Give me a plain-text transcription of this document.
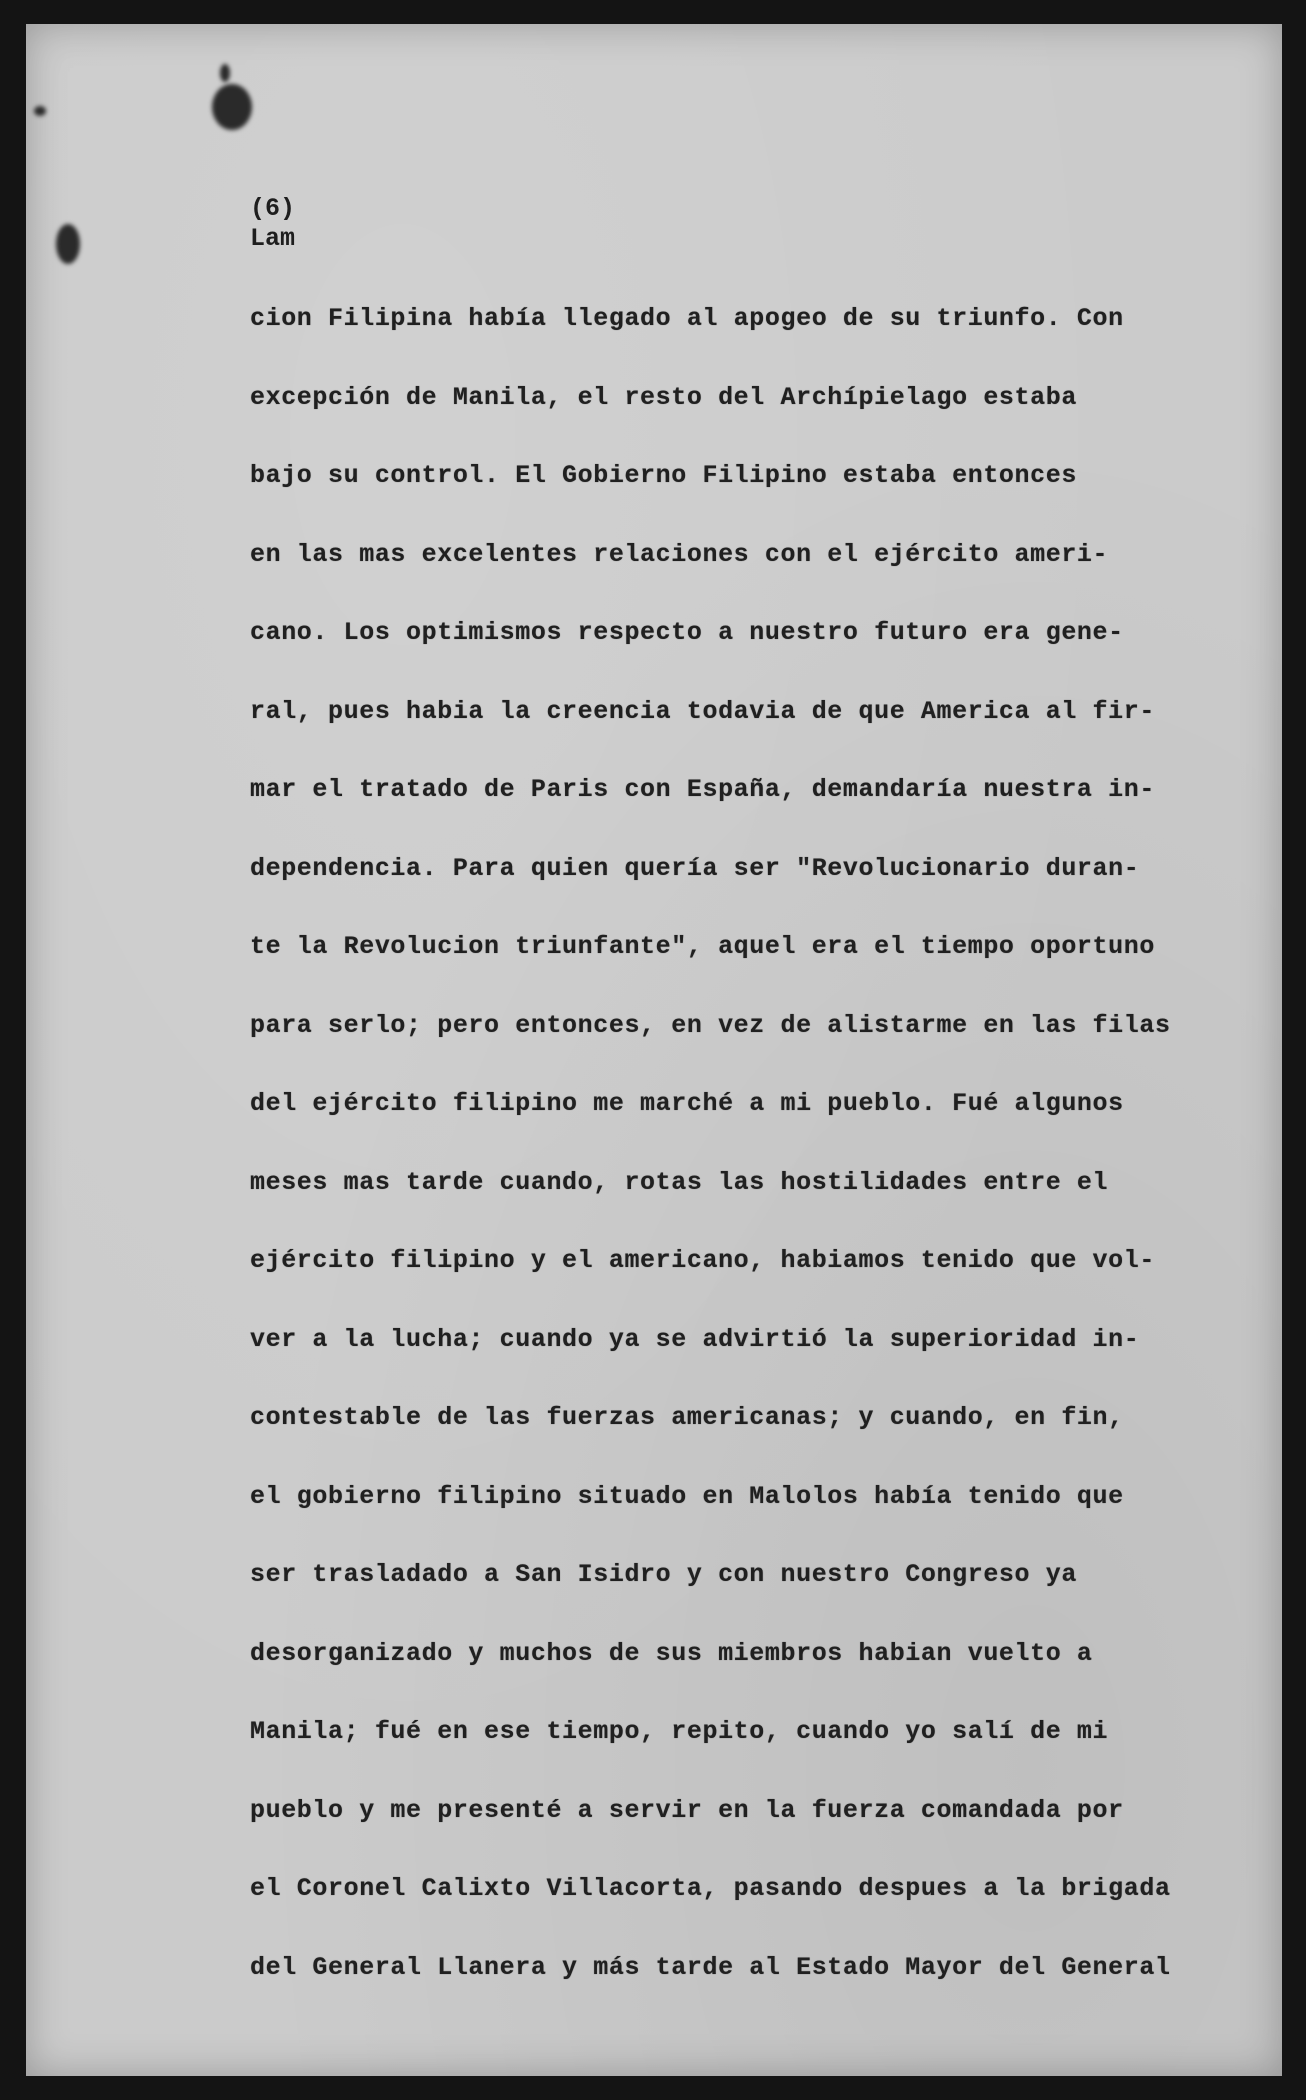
(6)
Lam

cion Filipina había llegado al apogeo de su triunfo. Con

excepción de Manila, el resto del Archípielago estaba

bajo su control. El Gobierno Filipino estaba entonces

en las mas excelentes relaciones con el ejército ameri-

cano. Los optimismos respecto a nuestro futuro era gene-

ral, pues habia la creencia todavia de que America al fir-

mar el tratado de Paris con España, demandaría nuestra in-

dependencia. Para quien quería ser "Revolucionario duran-

te la Revolucion triunfante", aquel era el tiempo oportuno

para serlo; pero entonces, en vez de alistarme en las filas

del ejército filipino me marché a mi pueblo. Fué algunos

meses mas tarde cuando, rotas las hostilidades entre el

ejército filipino y el americano, habiamos tenido que vol-

ver a la lucha; cuando ya se advirtió la superioridad in-

contestable de las fuerzas americanas; y cuando, en fin,

el gobierno filipino situado en Malolos había tenido que

ser trasladado a San Isidro y con nuestro Congreso ya

desorganizado y muchos de sus miembros habian vuelto a

Manila; fué en ese tiempo, repito, cuando yo salí de mi

pueblo y me presenté a servir en la fuerza comandada por

el Coronel Calixto Villacorta, pasando despues a la brigada

del General Llanera y más tarde al Estado Mayor del General
